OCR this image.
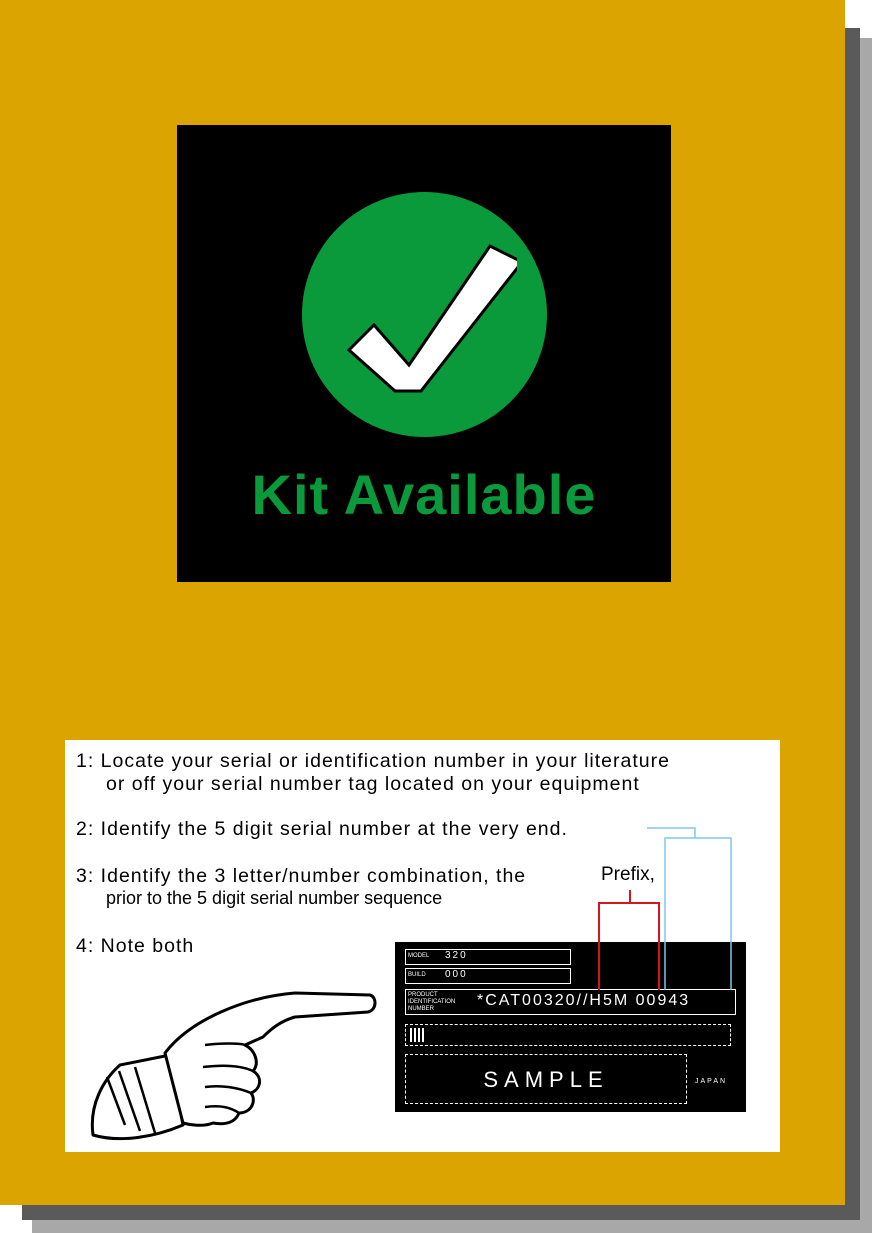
Kit Available
1: Locate your serial or identification number in your literature
or off your serial number tag located on your equipment
2: Identify the 5 digit serial number at the very end.
3: Identify the 3 letter/number combination, the	Prefix,
prior to the 5 digit serial number sequence
4: Note both	MODEL 320
BUILD 000
PRODUCT
IDENTIFICATION
NUMBER	*CAT00320//H5M 00943
SAMPLE	JAPAN
